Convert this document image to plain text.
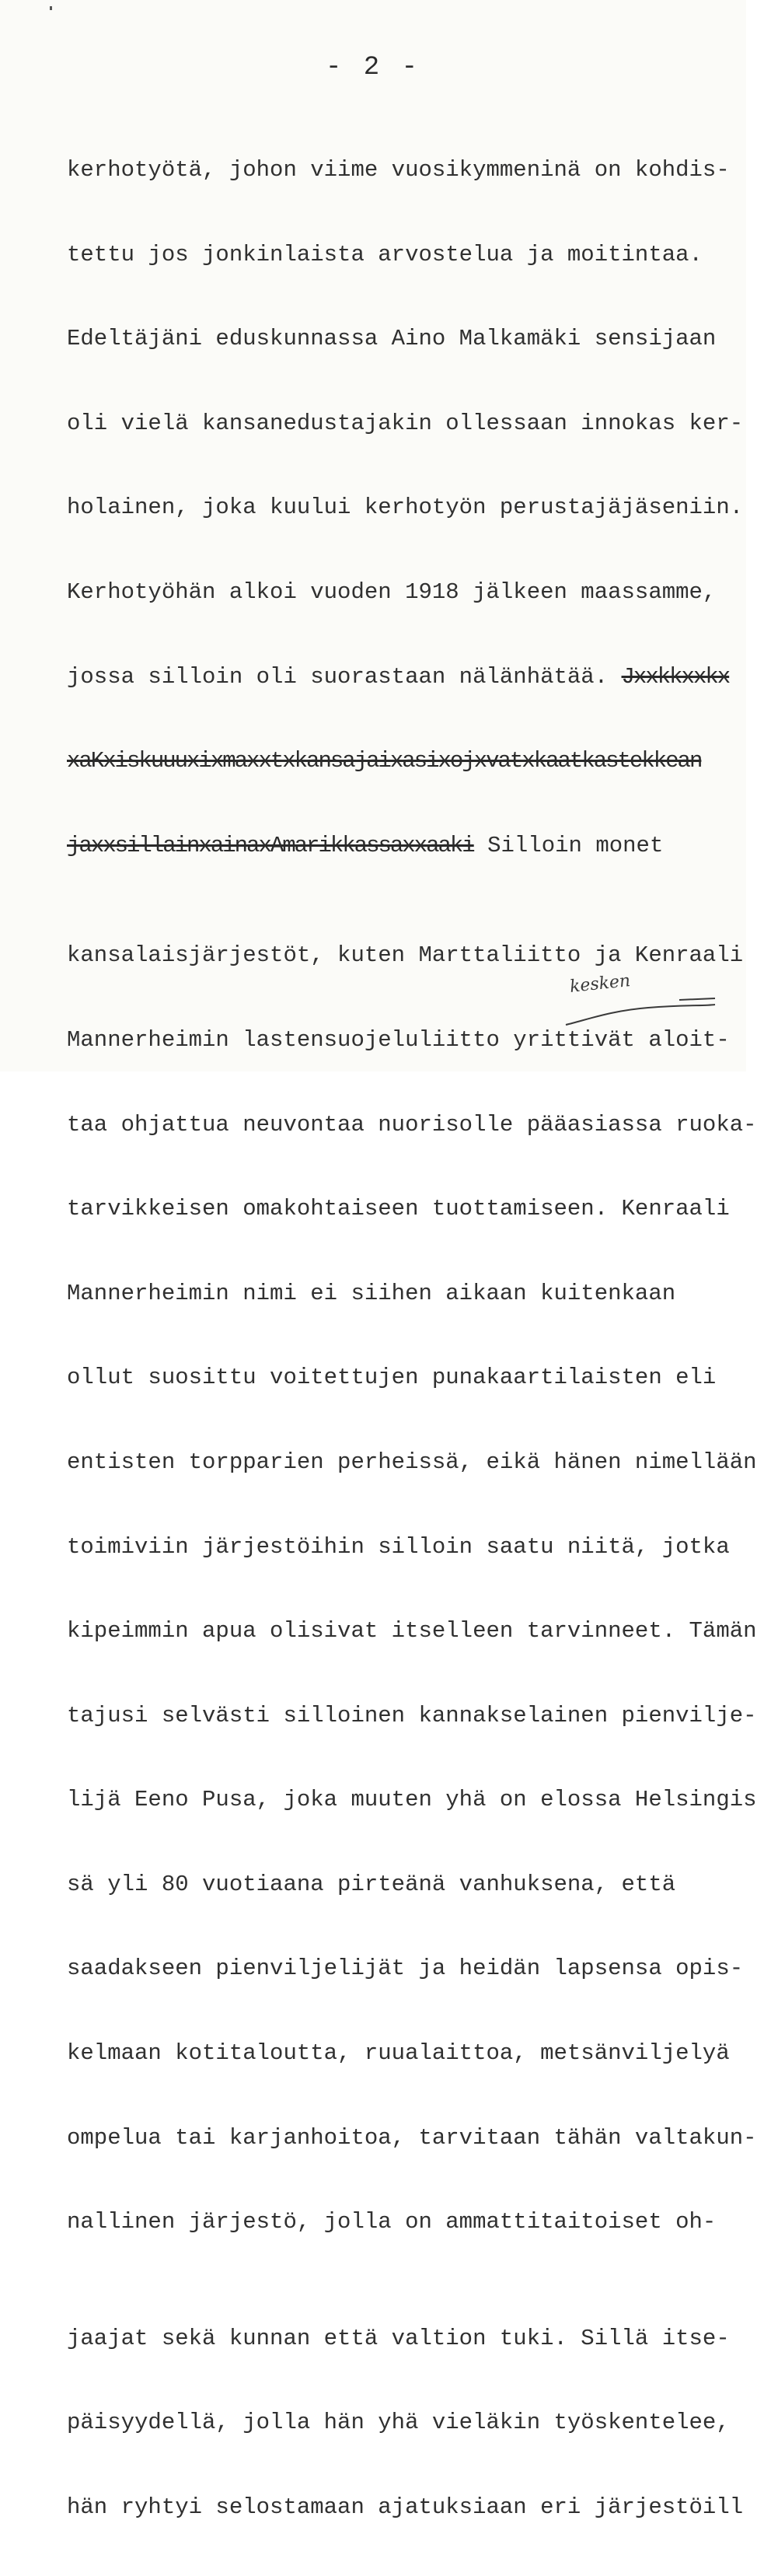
- 2 -

kerhotyötä, johon viime vuosikymmeninä on kohdis-

tettu jos jonkinlaista arvostelua ja moitintaa.

Edeltäjäni eduskunnassa Aino Malkamäki sensijaan

oli vielä kansanedustajakin ollessaan innokas ker-

holainen, joka kuului kerhotyön perustajäjäseniin.

Kerhotyöhän alkoi vuoden 1918 jälkeen maassamme,

jossa silloin oli suorastaan nälänhätää. Jxxkkxxkx

xaKxiskuuuxixmaxxtxkansajaixasixojxvatxkaatkastekkean

jaxxsillainxainaxAmarikkassaxxaaki Silloin monet

kansalaisjärjestöt, kuten Marttaliitto ja Kenraali

Mannerheimin lastensuojeluliitto yrittivät aloit-

taa ohjattua neuvontaa nuorisolle pääasiassa ruoka-

tarvikkeisen omakohtaiseen tuottamiseen. Kenraali

Mannerheimin nimi ei siihen aikaan kuitenkaan

ollut suosittu voitettujen punakaartilaisten eli

entisten torpparien perheissä, eikä hänen nimellään

toimiviin järjestöihin silloin saatu niitä, jotka

kipeimmin apua olisivat itselleen tarvinneet. Tämän

tajusi selvästi silloinen kannakselainen pienvilje-

lijä Eeno Pusa, joka muuten yhä on elossa Helsingis

sä yli 80 vuotiaana pirteänä vanhuksena, että

saadakseen pienviljelijät ja heidän lapsensa opis-

kelmaan kotitaloutta, ruualaittoa, metsänviljelyä

ompelua tai karjanhoitoa, tarvitaan tähän valtakun-

nallinen järjestö, jolla on ammattitaitoiset oh-

jaajat sekä kunnan että valtion tuki. Sillä itse-

päisyydellä, jolla hän yhä vieläkin työskentelee,

hän ryhtyi selostamaan ajatuksiaan eri järjestöill

kesken
